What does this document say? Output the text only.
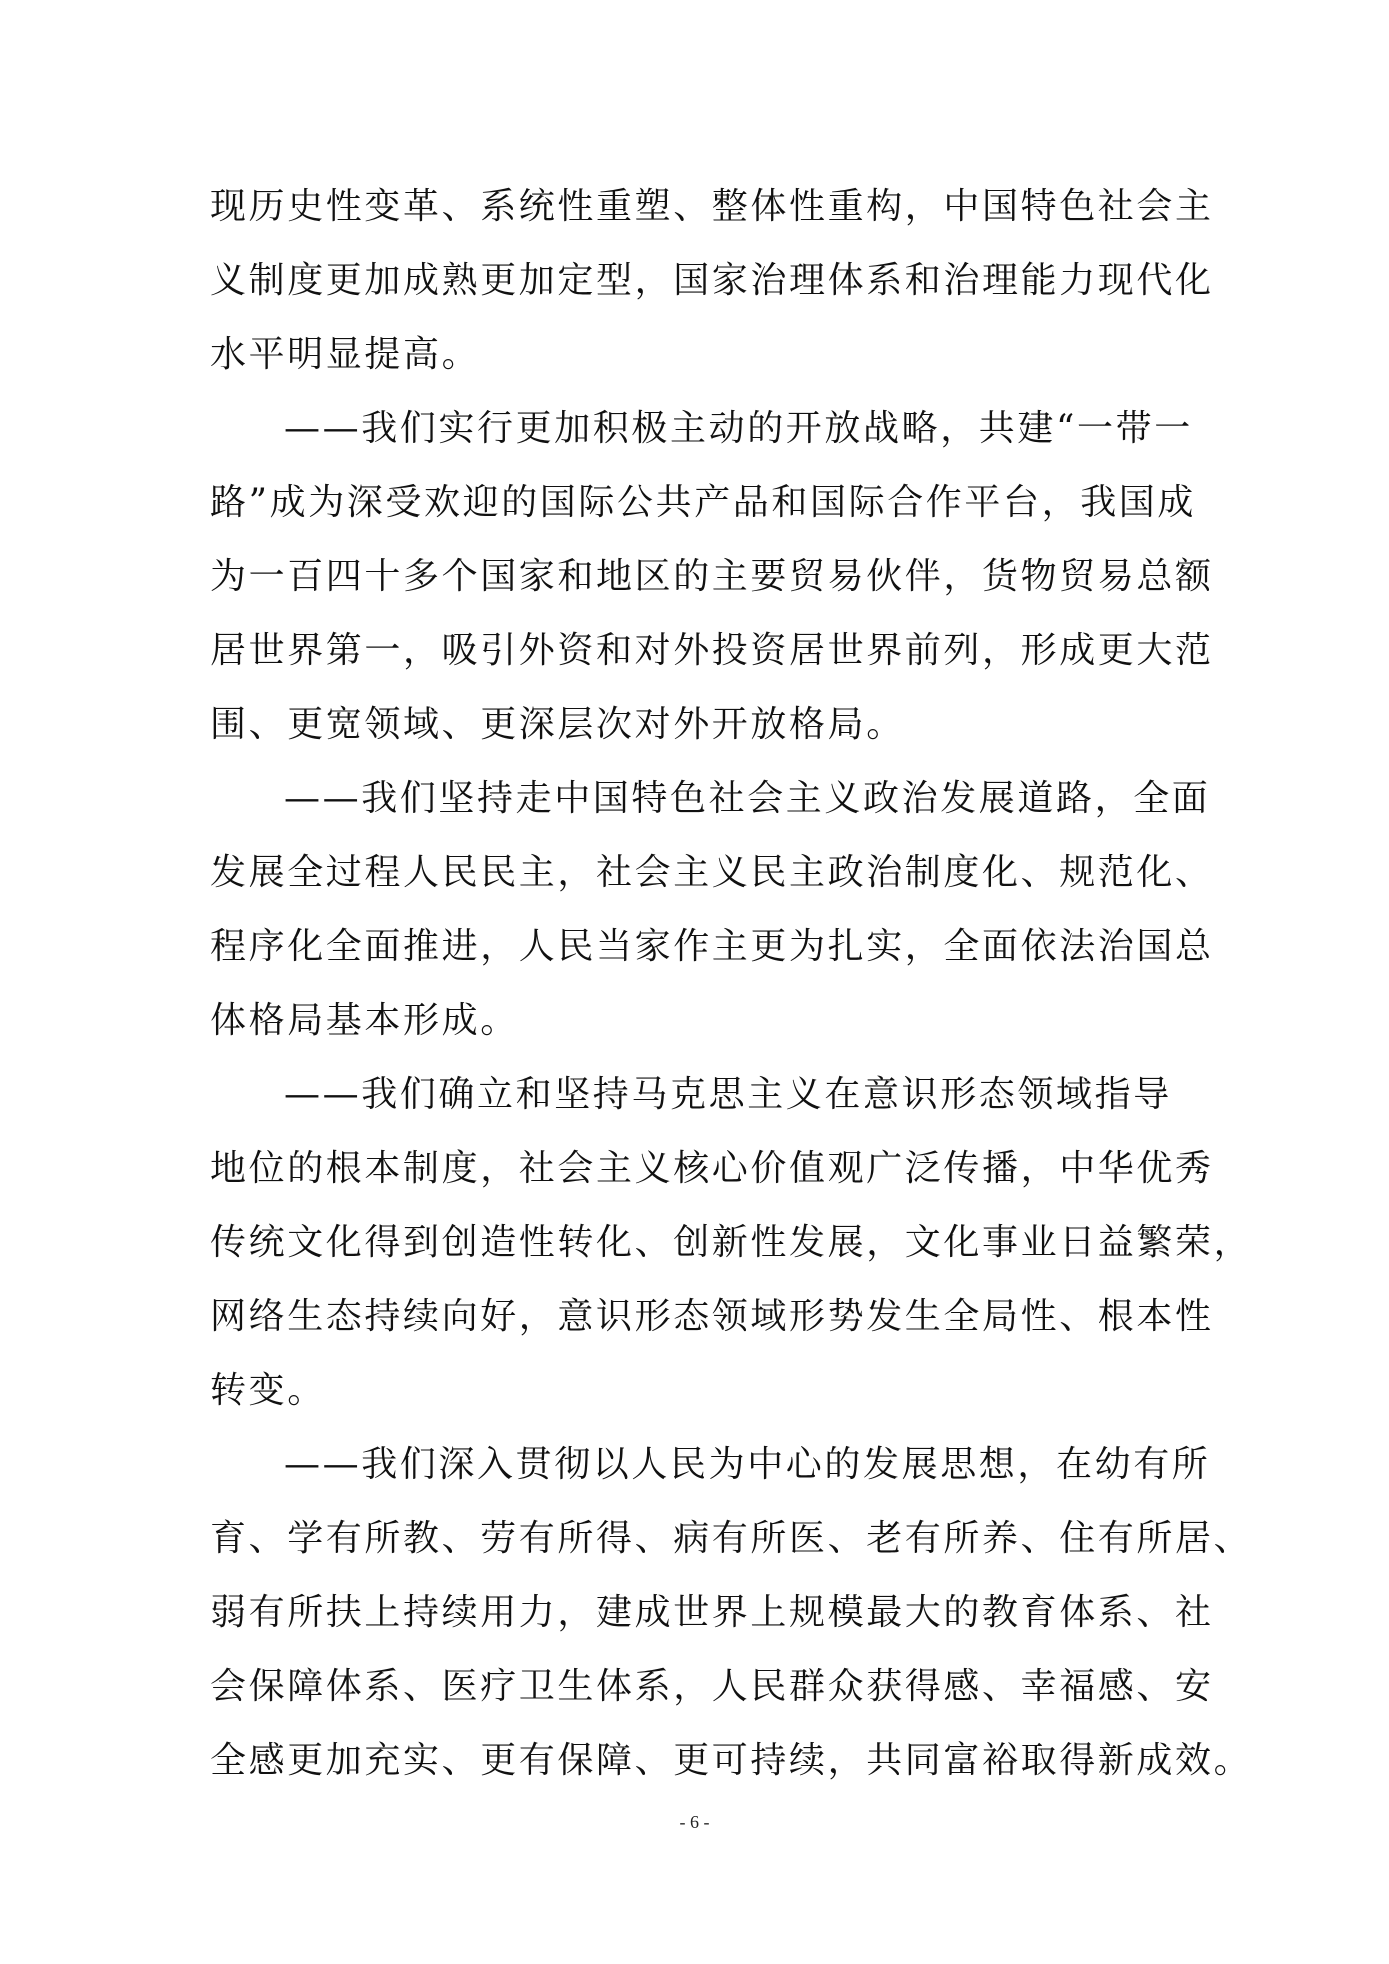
现历史性变革、系统性重塑、整体性重构，中国特色社会主
义制度更加成熟更加定型，国家治理体系和治理能力现代化
水平明显提高。
——我们实行更加积极主动的开放战略，共建“一带一
路”成为深受欢迎的国际公共产品和国际合作平台，我国成
为一百四十多个国家和地区的主要贸易伙伴，货物贸易总额
居世界第一，吸引外资和对外投资居世界前列，形成更大范
围、更宽领域、更深层次对外开放格局。
——我们坚持走中国特色社会主义政治发展道路，全面
发展全过程人民民主，社会主义民主政治制度化、规范化、
程序化全面推进，人民当家作主更为扎实，全面依法治国总
体格局基本形成。
——我们确立和坚持马克思主义在意识形态领域指导
地位的根本制度，社会主义核心价值观广泛传播，中华优秀
传统文化得到创造性转化、创新性发展，文化事业日益繁荣，
网络生态持续向好，意识形态领域形势发生全局性、根本性
转变。
——我们深入贯彻以人民为中心的发展思想，在幼有所
育、学有所教、劳有所得、病有所医、老有所养、住有所居、
弱有所扶上持续用力，建成世界上规模最大的教育体系、社
会保障体系、医疗卫生体系，人民群众获得感、幸福感、安
全感更加充实、更有保障、更可持续，共同富裕取得新成效。
- 6 -
